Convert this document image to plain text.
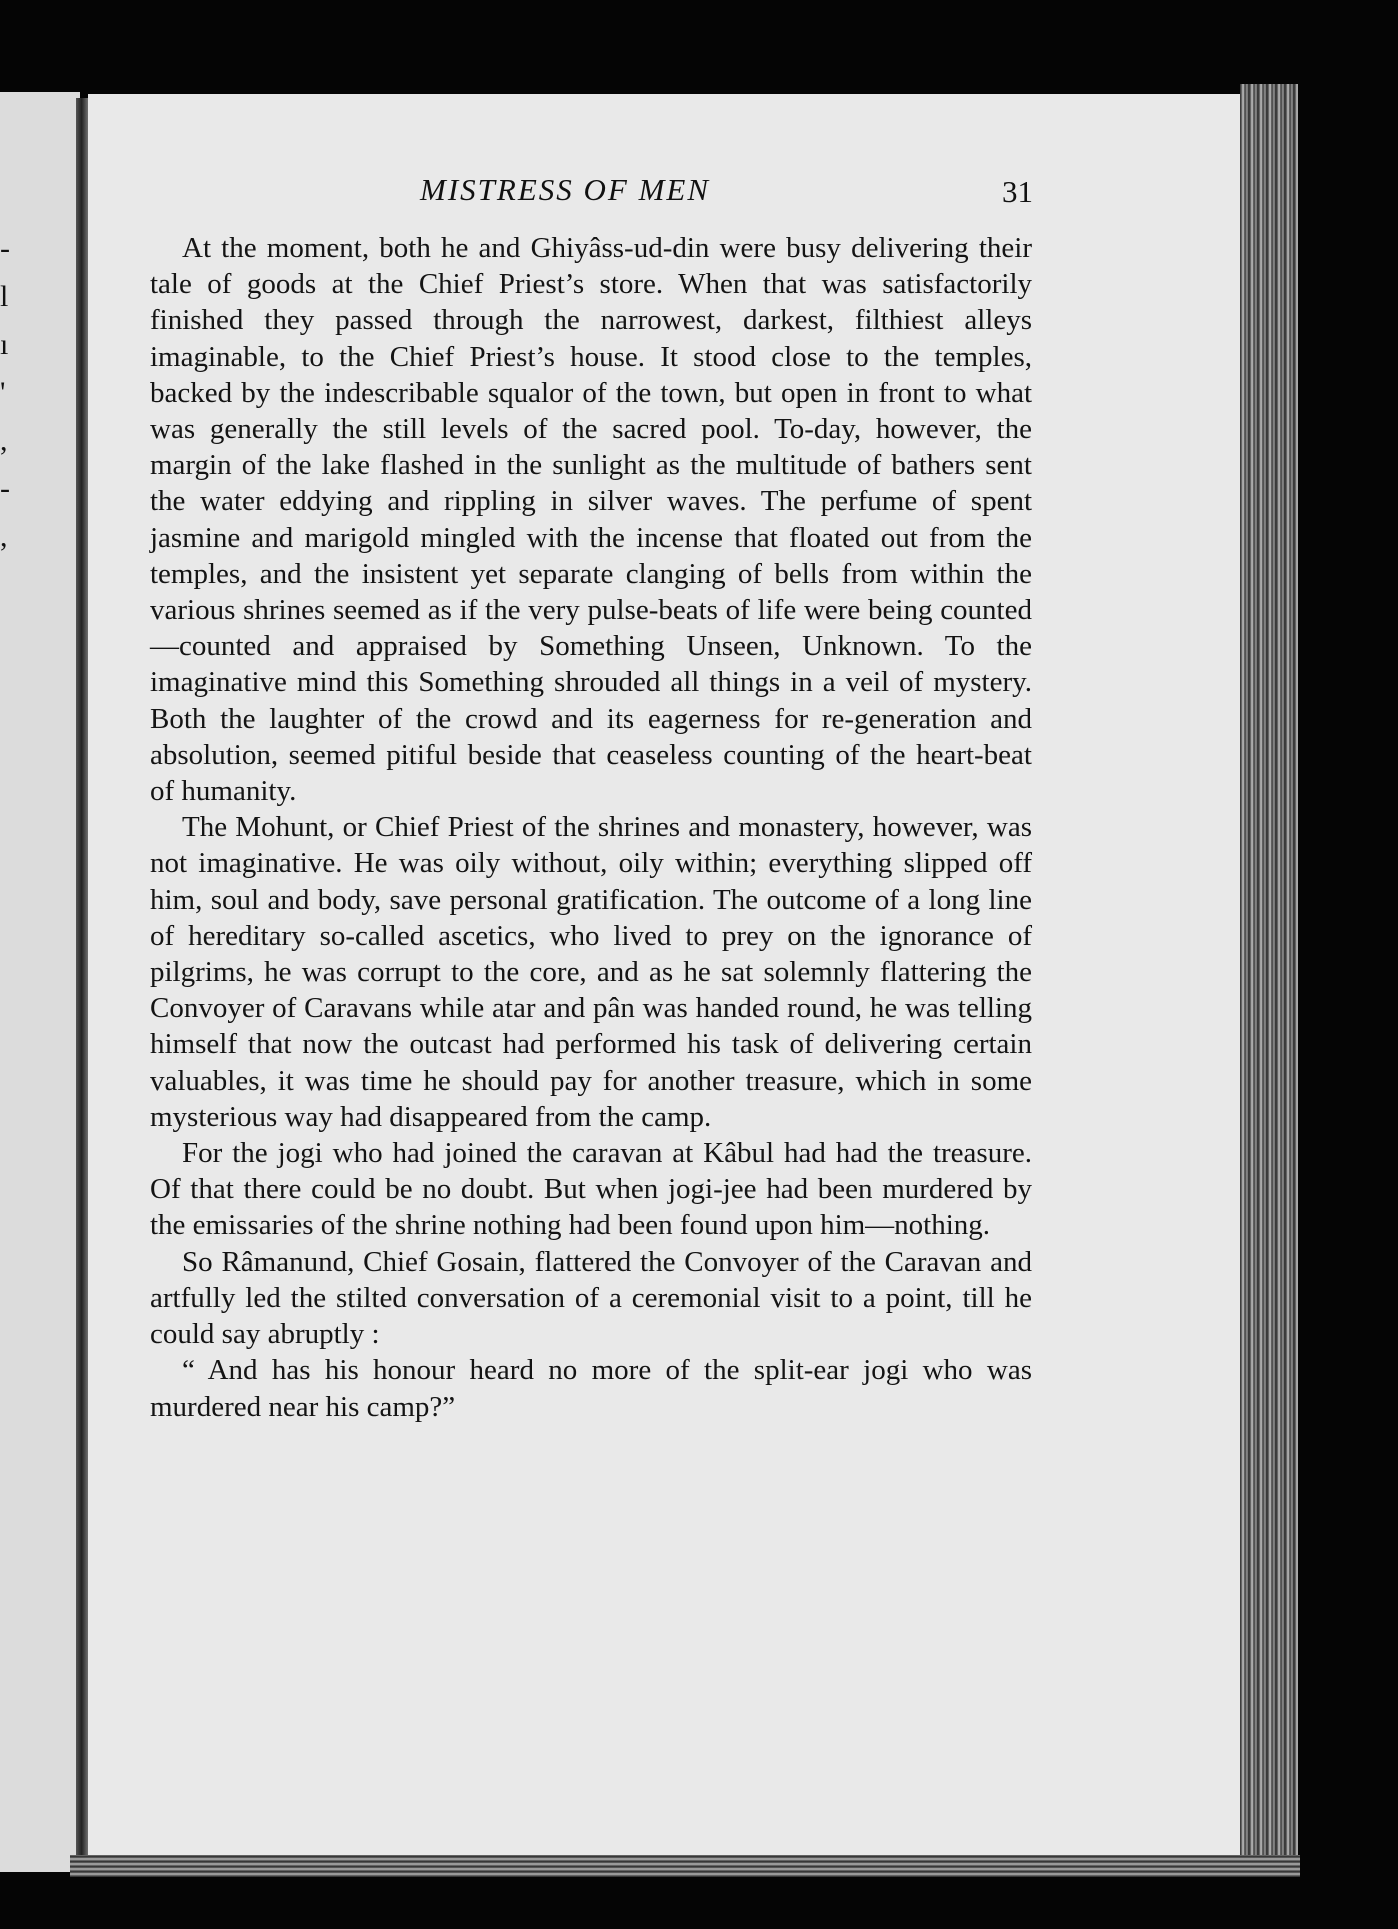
-
l
ı
'
,
-
,
MISTRESS OF MEN	31

At the moment, both he and Ghiyâss-ud-din were busy delivering their tale of goods at the Chief Priest’s store. When that was satisfactorily finished they passed through the narrowest, darkest, filthiest alleys imaginable, to the Chief Priest’s house. It stood close to the temples, backed by the indescribable squalor of the town, but open in front to what was generally the still levels of the sacred pool. To-day, however, the margin of the lake flashed in the sunlight as the multitude of bathers sent the water eddying and rippling in silver waves. The perfume of spent jasmine and marigold mingled with the incense that floated out from the temples, and the insistent yet separate clanging of bells from within the various shrines seemed as if the very pulse-beats of life were being counted—counted and appraised by Something Unseen, Unknown. To the imaginative mind this Something shrouded all things in a veil of mystery. Both the laughter of the crowd and its eagerness for re-generation and absolution, seemed pitiful beside that ceaseless counting of the heart-beat of humanity.

The Mohunt, or Chief Priest of the shrines and monastery, however, was not imaginative. He was oily without, oily within; everything slipped off him, soul and body, save personal gratification. The outcome of a long line of hereditary so-called ascetics, who lived to prey on the ignorance of pilgrims, he was corrupt to the core, and as he sat solemnly flattering the Convoyer of Caravans while atar and pân was handed round, he was telling himself that now the outcast had performed his task of delivering certain valuables, it was time he should pay for another treasure, which in some mysterious way had disappeared from the camp.

For the jogi who had joined the caravan at Kâbul had had the treasure. Of that there could be no doubt. But when jogi-jee had been murdered by the emissaries of the shrine nothing had been found upon him—nothing.

So Râmanund, Chief Gosain, flattered the Convoyer of the Caravan and artfully led the stilted conversation of a ceremonial visit to a point, till he could say abruptly :

“ And has his honour heard no more of the split-ear jogi who was murdered near his camp?”
